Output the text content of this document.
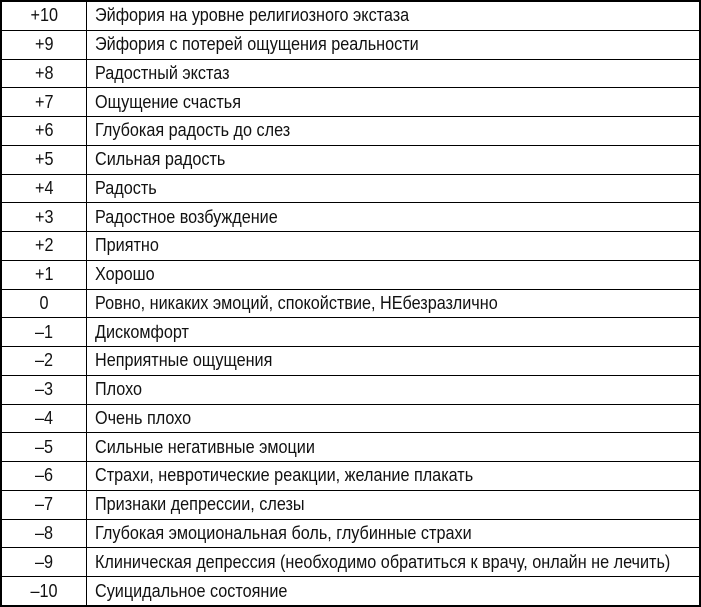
+10	Эйфория на уровне религиозного экстаза
+9	Эйфория с потерей ощущения реальности
+8	Радостный экстаз
+7	Ощущение счастья
+6	Глубокая радость до слез
+5	Сильная радость
+4	Радость
+3	Радостное возбуждение
+2	Приятно
+1	Хорошо
0	Ровно, никаких эмоций, спокойствие, НЕбезразлично
–1	Дискомфорт
–2	Неприятные ощущения
–3	Плохо
–4	Очень плохо
–5	Сильные негативные эмоции
–6	Страхи, невротические реакции, желание плакать
–7	Признаки депрессии, слезы
–8	Глубокая эмоциональная боль, глубинные страхи
–9	Клиническая депрессия (необходимо обратиться к врачу, онлайн не лечить)
–10	Суицидальное состояние
